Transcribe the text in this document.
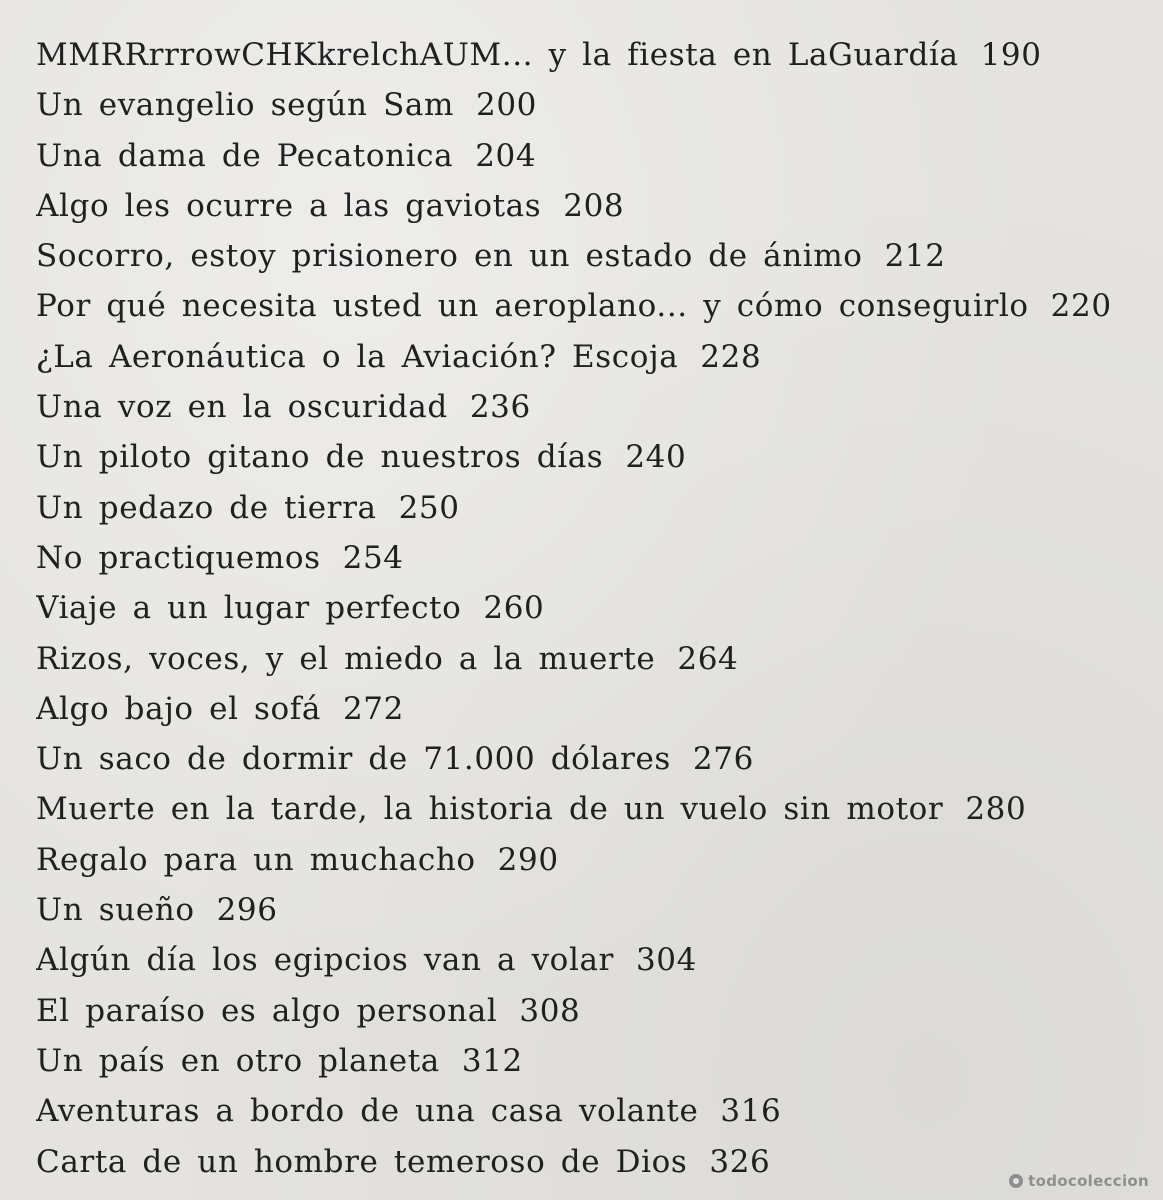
MMRRrrrowCHKkrelchAUM... y la fiesta en LaGuardía 190
Un evangelio según Sam 200
Una dama de Pecatonica 204
Algo les ocurre a las gaviotas 208
Socorro, estoy prisionero en un estado de ánimo 212
Por qué necesita usted un aeroplano... y cómo conseguirlo 220
¿La Aeronáutica o la Aviación? Escoja 228
Una voz en la oscuridad 236
Un piloto gitano de nuestros días 240
Un pedazo de tierra 250
No practiquemos 254
Viaje a un lugar perfecto 260
Rizos, voces, y el miedo a la muerte 264
Algo bajo el sofá 272
Un saco de dormir de 71.000 dólares 276
Muerte en la tarde, la historia de un vuelo sin motor 280
Regalo para un muchacho 290
Un sueño 296
Algún día los egipcios van a volar 304
El paraíso es algo personal 308
Un país en otro planeta 312
Aventuras a bordo de una casa volante 316
Carta de un hombre temeroso de Dios 326
todocoleccion
